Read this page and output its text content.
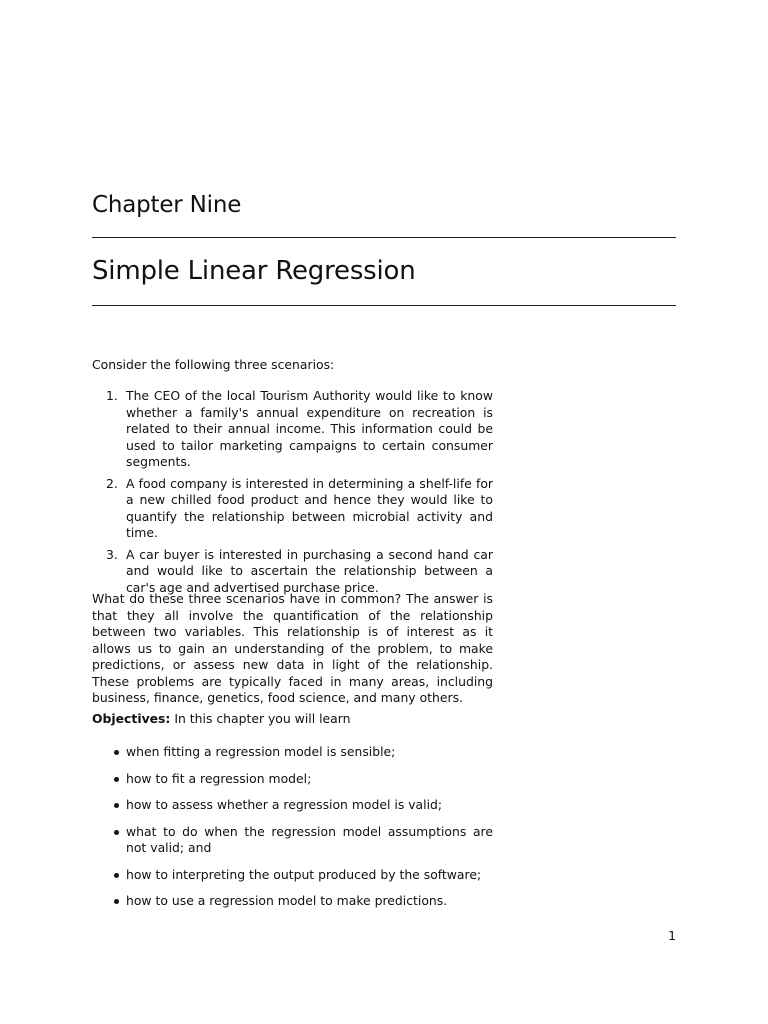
Chapter Nine
Simple Linear Regression
Consider the following three scenarios:
1. The CEO of the local Tourism Authority would like to know whether a family's annual expenditure on recreation is related to their annual income. This information could be used to tailor marketing campaigns to certain consumer segments.
2. A food company is interested in determining a shelf-life for a new chilled food product and hence they would like to quantify the relationship between microbial activity and time.
3. A car buyer is interested in purchasing a second hand car and would like to ascertain the relationship between a car's age and advertised purchase price.
What do these three scenarios have in common? The answer is that they all involve the quantification of the relationship between two variables. This relationship is of interest as it allows us to gain an understanding of the problem, to make predictions, or assess new data in light of the relationship. These problems are typically faced in many areas, including business, finance, genetics, food science, and many others.
Objectives: In this chapter you will learn
when fitting a regression model is sensible;
how to fit a regression model;
how to assess whether a regression model is valid;
what to do when the regression model assumptions are not valid; and
how to interpreting the output produced by the software;
how to use a regression model to make predictions.
1
